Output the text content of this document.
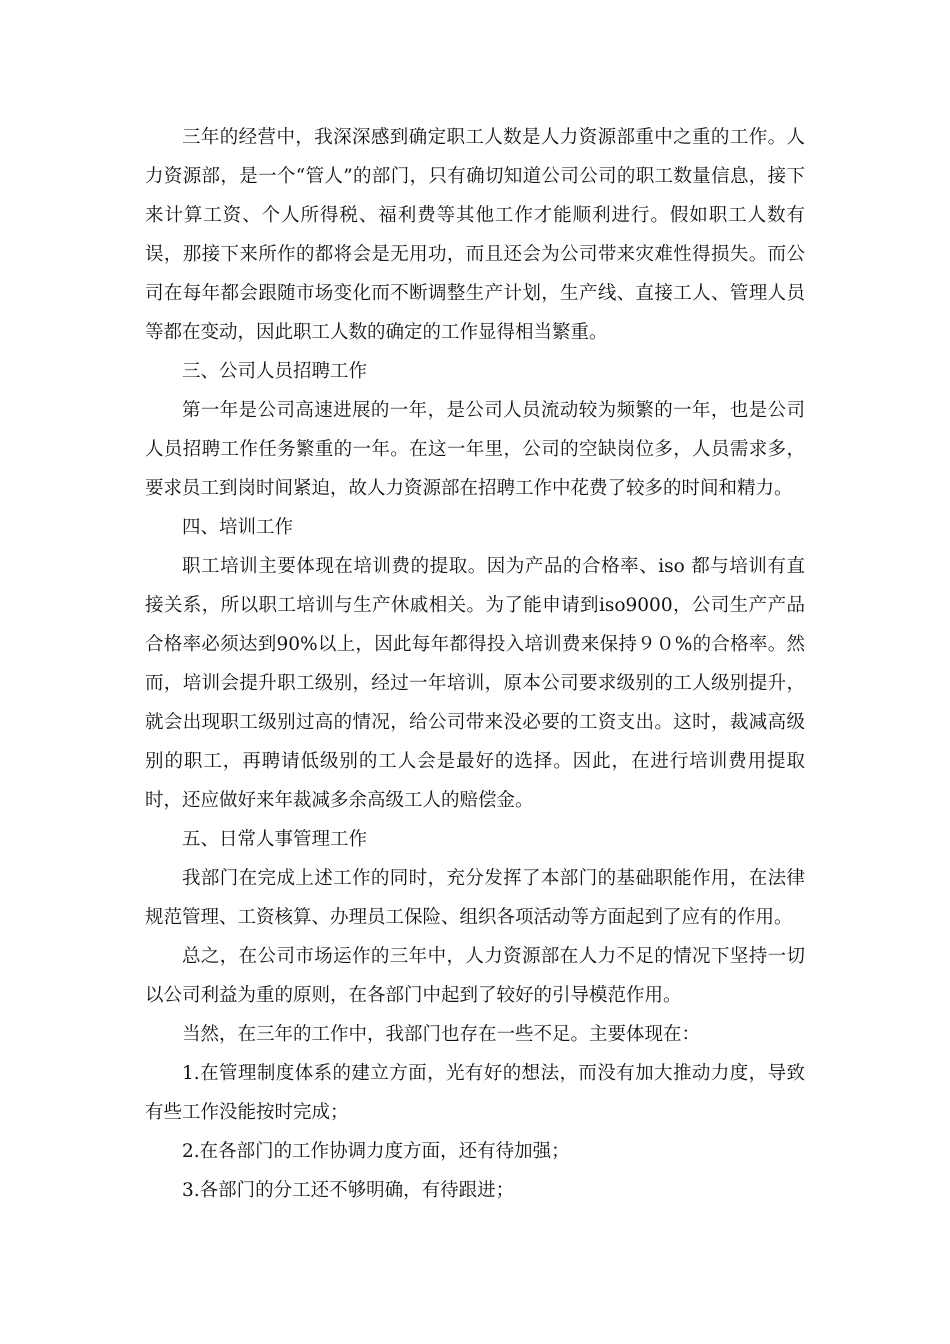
三年的经营中，我深深感到确定职工人数是人力资源部重中之重的工作。人力资源部，是一个“管人”的部门，只有确切知道公司公司的职工数量信息，接下来计算工资、个人所得税、福利费等其他工作才能顺利进行。假如职工人数有误，那接下来所作的都将会是无用功，而且还会为公司带来灾难性得损失。而公司在每年都会跟随市场变化而不断调整生产计划，生产线、直接工人、管理人员等都在变动，因此职工人数的确定的工作显得相当繁重。

三、公司人员招聘工作

第一年是公司高速进展的一年，是公司人员流动较为频繁的一年，也是公司人员招聘工作任务繁重的一年。在这一年里，公司的空缺岗位多，人员需求多，要求员工到岗时间紧迫，故人力资源部在招聘工作中花费了较多的时间和精力。

四、培训工作

职工培训主要体现在培训费的提取。因为产品的合格率、iso 都与培训有直接关系，所以职工培训与生产休戚相关。为了能申请到iso9000，公司生产产品合格率必须达到90%以上，因此每年都得投入培训费来保持９０%的合格率。然而，培训会提升职工级别，经过一年培训，原本公司要求级别的工人级别提升，就会出现职工级别过高的情况，给公司带来没必要的工资支出。这时，裁减高级别的职工，再聘请低级别的工人会是最好的选择。因此，在进行培训费用提取时，还应做好来年裁减多余高级工人的赔偿金。

五、日常人事管理工作

我部门在完成上述工作的同时，充分发挥了本部门的基础职能作用，在法律规范管理、工资核算、办理员工保险、组织各项活动等方面起到了应有的作用。

总之，在公司市场运作的三年中，人力资源部在人力不足的情况下坚持一切以公司利益为重的原则，在各部门中起到了较好的引导模范作用。

当然，在三年的工作中，我部门也存在一些不足。主要体现在：

1.在管理制度体系的建立方面，光有好的想法，而没有加大推动力度，导致有些工作没能按时完成；

2.在各部门的工作协调力度方面，还有待加强；

3.各部门的分工还不够明确，有待跟进；
